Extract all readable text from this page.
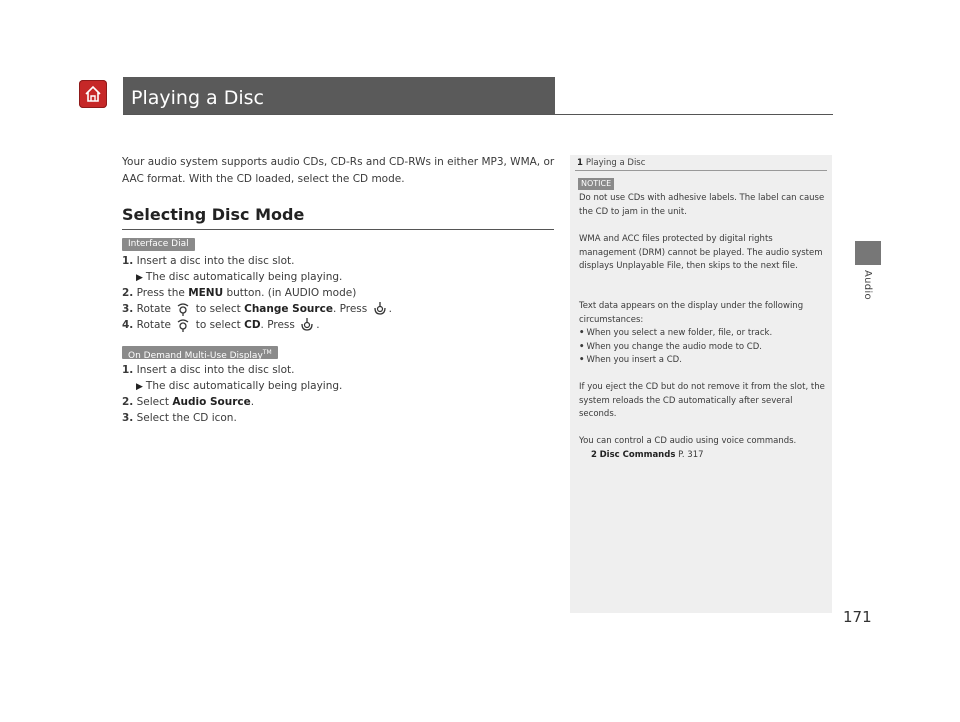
Playing a Disc
Audio
Your audio system supports audio CDs, CD-Rs and CD-RWs in either MP3, WMA, or AAC format. With the CD loaded, select the CD mode.
Selecting Disc Mode
Interface Dial
1. Insert a disc into the disc slot.
▶ The disc automatically being playing.
2. Press the MENU button. (in AUDIO mode)
3. Rotate  to select Change Source. Press .
4. Rotate  to select CD. Press .
On Demand Multi-Use Display™
1. Insert a disc into the disc slot.
▶ The disc automatically being playing.
2. Select Audio Source.
3. Select the CD icon.
1 Playing a Disc
NOTICE
Do not use CDs with adhesive labels. The label can cause the CD to jam in the unit.
WMA and ACC files protected by digital rights management (DRM) cannot be played. The audio system displays Unplayable File, then skips to the next file.
Text data appears on the display under the following circumstances:
• When you select a new folder, file, or track.
• When you change the audio mode to CD.
• When you insert a CD.
If you eject the CD but do not remove it from the slot, the system reloads the CD automatically after several seconds.
You can control a CD audio using voice commands.
2 Disc Commands P. 317
171
